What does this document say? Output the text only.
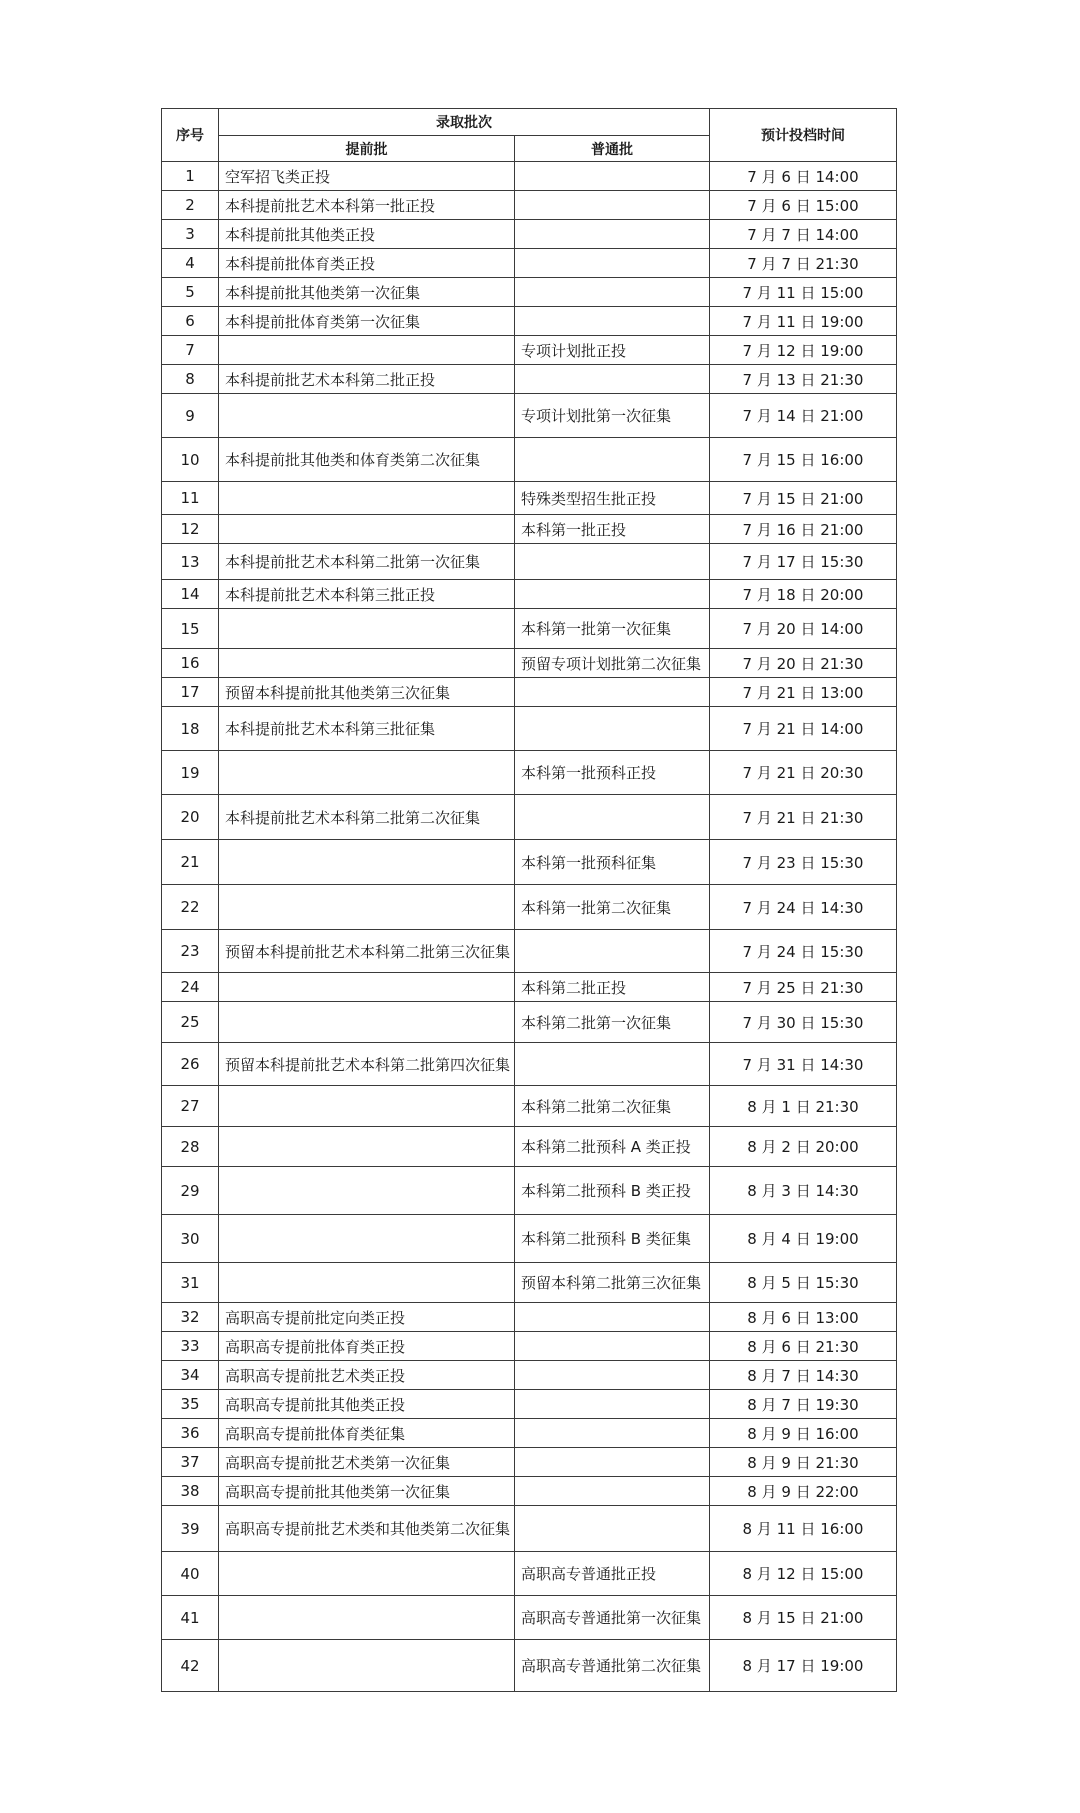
序号	录取批次		预计投档时间
	提前批	普通批	
1	空军招飞类正投		7 月 6 日 14:00
2	本科提前批艺术本科第一批正投		7 月 6 日 15:00
3	本科提前批其他类正投		7 月 7 日 14:00
4	本科提前批体育类正投		7 月 7 日 21:30
5	本科提前批其他类第一次征集		7 月 11 日 15:00
6	本科提前批体育类第一次征集		7 月 11 日 19:00
7		专项计划批正投	7 月 12 日 19:00
8	本科提前批艺术本科第二批正投		7 月 13 日 21:30
9		专项计划批第一次征集	7 月 14 日 21:00
10	本科提前批其他类和体育类第二次征集		7 月 15 日 16:00
11		特殊类型招生批正投	7 月 15 日 21:00
12		本科第一批正投	7 月 16 日 21:00
13	本科提前批艺术本科第二批第一次征集		7 月 17 日 15:30
14	本科提前批艺术本科第三批正投		7 月 18 日 20:00
15		本科第一批第一次征集	7 月 20 日 14:00
16		预留专项计划批第二次征集	7 月 20 日 21:30
17	预留本科提前批其他类第三次征集		7 月 21 日 13:00
18	本科提前批艺术本科第三批征集		7 月 21 日 14:00
19		本科第一批预科正投	7 月 21 日 20:30
20	本科提前批艺术本科第二批第二次征集		7 月 21 日 21:30
21		本科第一批预科征集	7 月 23 日 15:30
22		本科第一批第二次征集	7 月 24 日 14:30
23	预留本科提前批艺术本科第二批第三次征集		7 月 24 日 15:30
24		本科第二批正投	7 月 25 日 21:30
25		本科第二批第一次征集	7 月 30 日 15:30
26	预留本科提前批艺术本科第二批第四次征集		7 月 31 日 14:30
27		本科第二批第二次征集	8 月 1 日 21:30
28		本科第二批预科 A 类正投	8 月 2 日 20:00
29		本科第二批预科 B 类正投	8 月 3 日 14:30
30		本科第二批预科 B 类征集	8 月 4 日 19:00
31		预留本科第二批第三次征集	8 月 5 日 15:30
32	高职高专提前批定向类正投		8 月 6 日 13:00
33	高职高专提前批体育类正投		8 月 6 日 21:30
34	高职高专提前批艺术类正投		8 月 7 日 14:30
35	高职高专提前批其他类正投		8 月 7 日 19:30
36	高职高专提前批体育类征集		8 月 9 日 16:00
37	高职高专提前批艺术类第一次征集		8 月 9 日 21:30
38	高职高专提前批其他类第一次征集		8 月 9 日 22:00
39	高职高专提前批艺术类和其他类第二次征集		8 月 11 日 16:00
40		高职高专普通批正投	8 月 12 日 15:00
41		高职高专普通批第一次征集	8 月 15 日 21:00
42		高职高专普通批第二次征集	8 月 17 日 19:00
